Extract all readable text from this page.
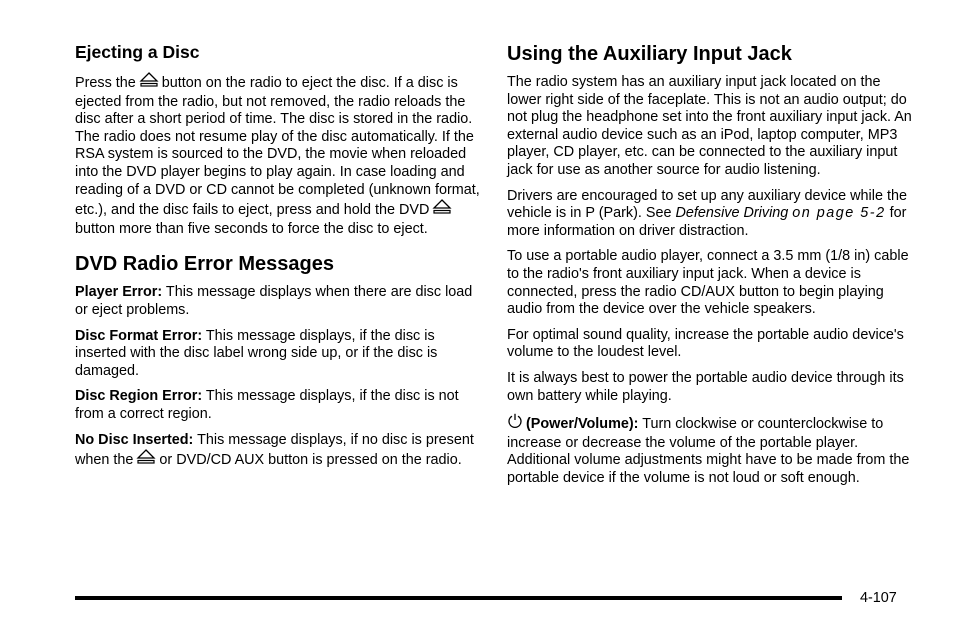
Ejecting a Disc

Press the button on the radio to eject the disc. If a disc is ejected from the radio, but not removed, the radio reloads the disc after a short period of time. The disc is stored in the radio. The radio does not resume play of the disc automatically. If the RSA system is sourced to the DVD, the movie when reloaded into the DVD player begins to play again. In case loading and reading of a DVD or CD cannot be completed (unknown format, etc.), and the disc fails to eject, press and hold the DVDbutton more than five seconds to force the disc to eject.

DVD Radio Error Messages

Player Error: This message displays when there are disc load or eject problems.

Disc Format Error: This message displays, if the disc is inserted with the disc label wrong side up, or if the disc is damaged.

Disc Region Error: This message displays, if the disc is not from a correct region.

No Disc Inserted: This message displays, if no disc is present when the or DVD/CD AUX button is pressed on the radio.

Using the Auxiliary Input Jack

The radio system has an auxiliary input jack located on the lower right side of the faceplate. This is not an audio output; do not plug the headphone set into the front auxiliary input jack. An external audio device such as an iPod, laptop computer, MP3 player, CD player, etc. can be connected to the auxiliary input jack for use as another source for audio listening.

Drivers are encouraged to set up any auxiliary device while the vehicle is in P (Park). See Defensive Driving on page 5-2 for more information on driver distraction.

To use a portable audio player, connect a 3.5 mm (1/8 in) cable to the radio's front auxiliary input jack. When a device is connected, press the radio CD/AUX button to begin playing audio from the device over the vehicle speakers.

For optimal sound quality, increase the portable audio device's volume to the loudest level.

It is always best to power the portable audio device through its own battery while playing.

(Power/Volume): Turn clockwise or counterclockwise to increase or decrease the volume of the portable player. Additional volume adjustments might have to be made from the portable device if the volume is not loud or soft enough.

4-107
